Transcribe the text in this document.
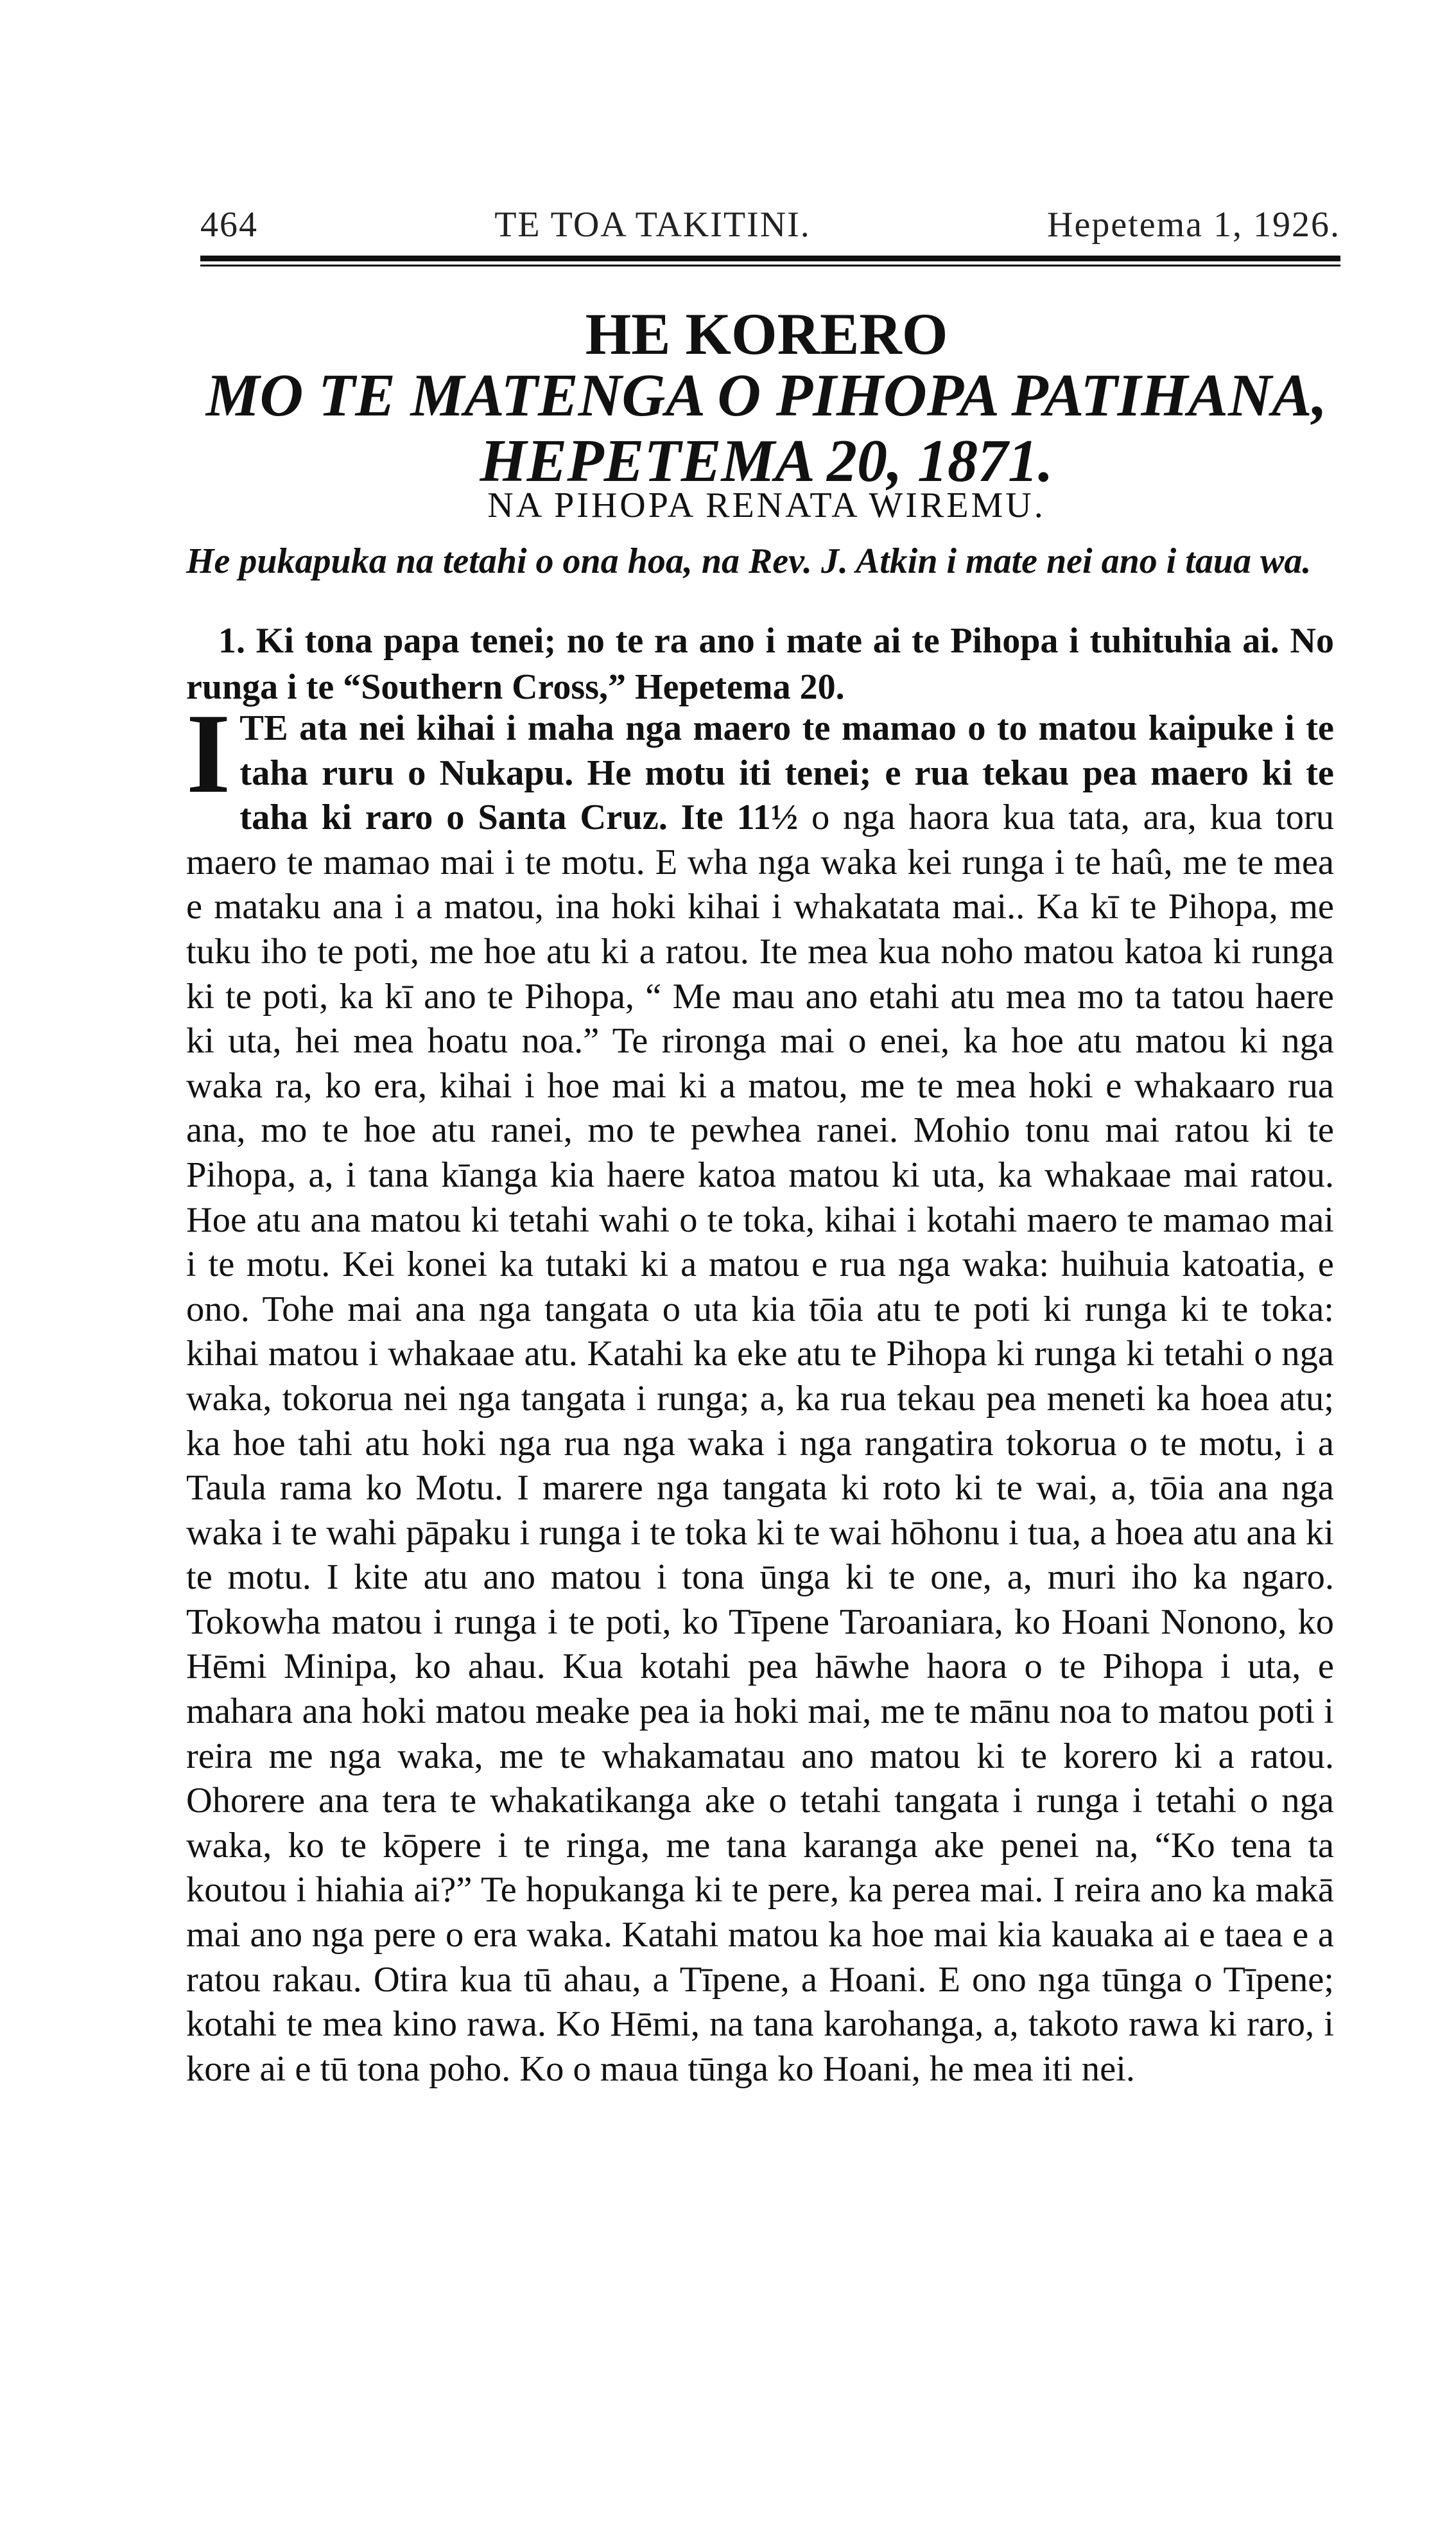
464	TE TOA TAKITINI.	Hepetema 1, 1926.
HE KORERO
MO TE MATENGA O PIHOPA PATIHANA, HEPETEMA 20, 1871.
NA PIHOPA RENATA WIREMU.
He pukapuka na tetahi o ona hoa, na Rev. J. Atkin i mate nei ano i taua wa.
1. Ki tona papa tenei; no te ra ano i mate ai te Pihopa i tuhituhia ai. No runga i te “Southern Cross,” Hepetema 20.
ITE ata nei kihai i maha nga maero te mamao o to matou kaipuke i te taha ruru o Nukapu. He motu iti tenei; e rua tekau pea maero ki te taha ki raro o Santa Cruz. Ite 11½ o nga haora kua tata, ara, kua toru maero te mamao mai i te motu. E wha nga waka kei runga i te haû, me te mea e mataku ana i a matou, ina hoki kihai i whakatata mai.. Ka kī te Pihopa, me tuku iho te poti, me hoe atu ki a ratou. Ite mea kua noho matou katoa ki runga ki te poti, ka kī ano te Pihopa, “ Me mau ano etahi atu mea mo ta tatou haere ki uta, hei mea hoatu noa.” Te rironga mai o enei, ka hoe atu matou ki nga waka ra, ko era, kihai i hoe mai ki a matou, me te mea hoki e whakaaro rua ana, mo te hoe atu ranei, mo te pewhea ranei. Mohio tonu mai ratou ki te Pihopa, a, i tana kīanga kia haere katoa matou ki uta, ka whakaae mai ratou. Hoe atu ana matou ki tetahi wahi o te toka, kihai i kotahi maero te mamao mai i te motu. Kei konei ka tutaki ki a matou e rua nga waka: huihuia katoatia, e ono. Tohe mai ana nga tangata o uta kia tōia atu te poti ki runga ki te toka: kihai matou i whakaae atu. Katahi ka eke atu te Pihopa ki runga ki tetahi o nga waka, tokorua nei nga tangata i runga; a, ka rua tekau pea meneti ka hoea atu; ka hoe tahi atu hoki nga rua nga waka i nga rangatira tokorua o te motu, i a Taula rama ko Motu. I marere nga tangata ki roto ki te wai, a, tōia ana nga waka i te wahi pāpaku i runga i te toka ki te wai hōhonu i tua, a hoea atu ana ki te motu. I kite atu ano matou i tona ūnga ki te one, a, muri iho ka ngaro. Tokowha matou i runga i te poti, ko Tīpene Taroaniara, ko Hoani Nonono, ko Hēmi Minipa, ko ahau. Kua kotahi pea hāwhe haora o te Pihopa i uta, e mahara ana hoki matou meake pea ia hoki mai, me te mānu noa to matou poti i reira me nga waka, me te whakamatau ano matou ki te korero ki a ratou. Ohorere ana tera te whakatikanga ake o tetahi tangata i runga i tetahi o nga waka, ko te kōpere i te ringa, me tana karanga ake penei na, “Ko tena ta koutou i hiahia ai?” Te hopukanga ki te pere, ka perea mai. I reira ano ka makā mai ano nga pere o era waka. Katahi matou ka hoe mai kia kauaka ai e taea e a ratou rakau. Otira kua tū ahau, a Tīpene, a Hoani. E ono nga tūnga o Tīpene; kotahi te mea kino rawa. Ko Hēmi, na tana karohanga, a, takoto rawa ki raro, i kore ai e tū tona poho. Ko o maua tūnga ko Hoani, he mea iti nei.
